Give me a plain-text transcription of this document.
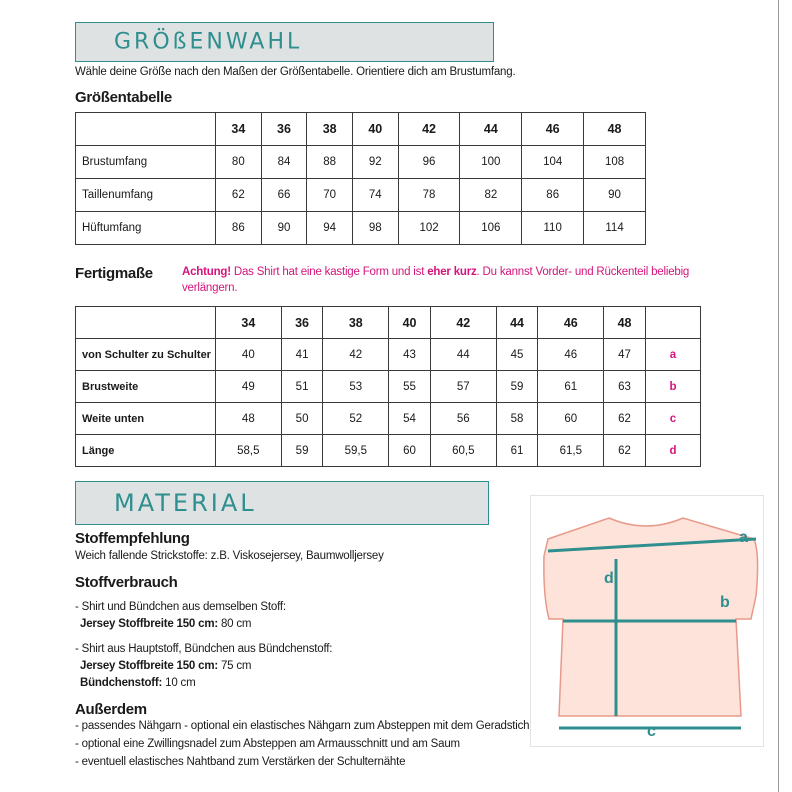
GRÖßENWAHL
Wähle deine Größe nach den Maßen der Größentabelle. Orientiere dich am Brustumfang.
Größentabelle
	34	36	38	40	42	44	46	48
Brustumfang	80	84	88	92	96	100	104	108
Taillenumfang	62	66	70	74	78	82	86	90
Hüftumfang	86	90	94	98	102	106	110	114
Fertigmaße	Achtung! Das Shirt hat eine kastige Form und ist eher kurz. Du kannst Vorder- und Rückenteil beliebig verlängern.
	34	36	38	40	42	44	46	48	
von Schulter zu Schulter	40	41	42	43	44	45	46	47	a
Brustweite	49	51	53	55	57	59	61	63	b
Weite unten	48	50	52	54	56	58	60	62	c
Länge	58,5	59	59,5	60	60,5	61	61,5	62	d
MATERIAL
Stoffempfehlung
Weich fallende Strickstoffe: z.B. Viskosejersey, Baumwolljersey
Stoffverbrauch
- Shirt und Bündchen aus demselben Stoff:
Jersey Stoffbreite 150 cm: 80 cm
- Shirt aus Hauptstoff, Bündchen aus Bündchenstoff:
Jersey Stoffbreite 150 cm: 75 cm
Bündchenstoff: 10 cm
Außerdem
- passendes Nähgarn - optional ein elastisches Nähgarn zum Absteppen mit dem Geradstich
- optional eine Zwillingsnadel zum Absteppen am Armausschnitt und am Saum
- eventuell elastisches Nahtband zum Verstärken der Schulternähte
a
b
c
d
